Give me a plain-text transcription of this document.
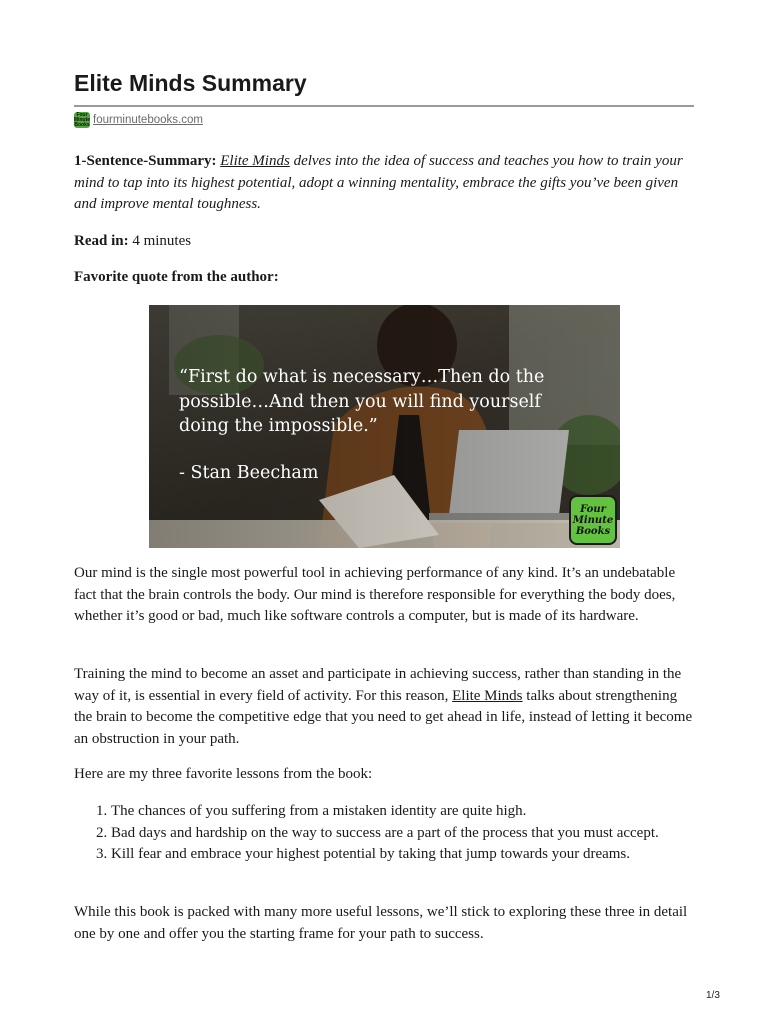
Elite Minds Summary
Four Minute Books fourminutebooks.com

1-Sentence-Summary: Elite Minds delves into the idea of success and teaches you how to train your mind to tap into its highest potential, adopt a winning mentality, embrace the gifts you’ve been given and improve mental toughness.

Read in: 4 minutes

Favorite quote from the author:

“First do what is necessary…Then do the possible…And then you will find yourself doing the impossible.”
- Stan Beecham
Four
Minute
Books

Our mind is the single most powerful tool in achieving performance of any kind. It’s an undebatable fact that the brain controls the body. Our mind is therefore responsible for everything the body does, whether it’s good or bad, much like software controls a computer, but is made of its hardware.

Training the mind to become an asset and participate in achieving success, rather than standing in the way of it, is essential in every field of activity. For this reason, Elite Minds talks about strengthening the brain to become the competitive edge that you need to get ahead in life, instead of letting it become an obstruction in your path.

Here are my three favorite lessons from the book:

1. The chances of you suffering from a mistaken identity are quite high.
2. Bad days and hardship on the way to success are a part of the process that you must accept.
3. Kill fear and embrace your highest potential by taking that jump towards your dreams.

While this book is packed with many more useful lessons, we’ll stick to exploring these three in detail one by one and offer you the starting frame for your path to success.

1/3
